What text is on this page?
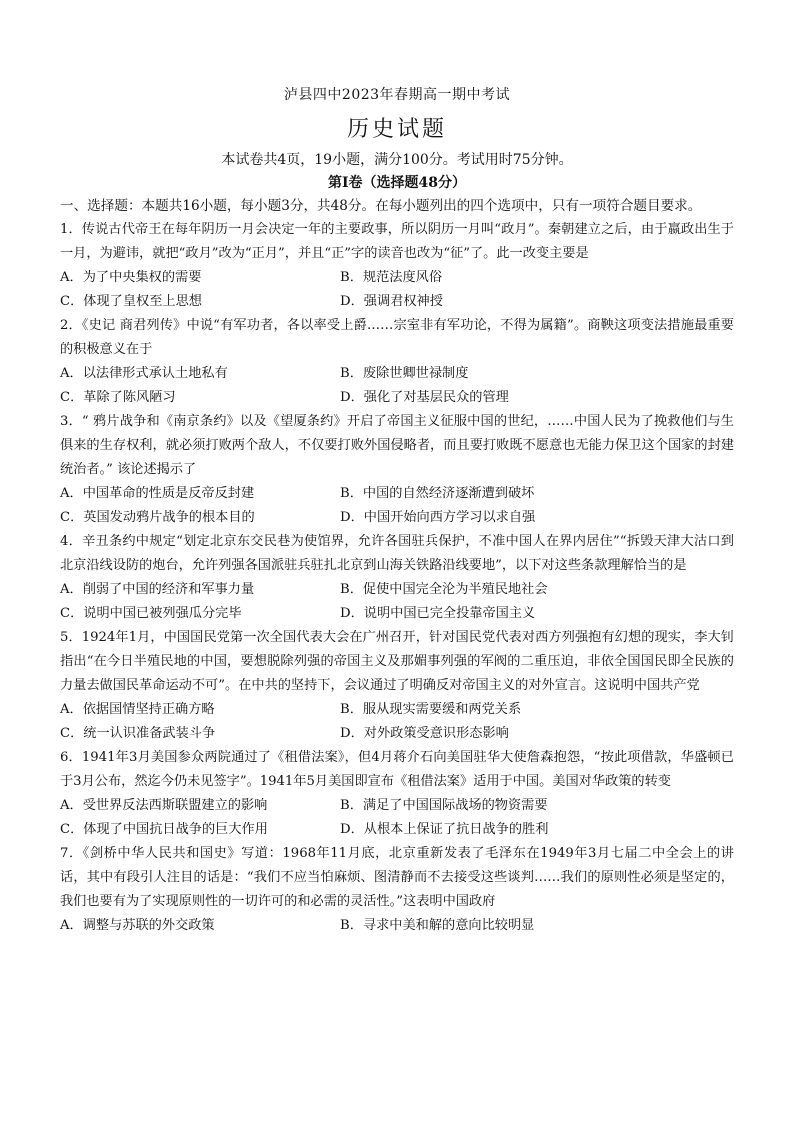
泸县四中2023年春期高一期中考试
历史试题
本试卷共4页，19小题，满分100分。考试用时75分钟。
第Ⅰ卷（选择题48分）

一、选择题：本题共16小题，每小题3分，共48分。在每小题列出的四个选项中，只有一项符合题目要求。

1．传说古代帝王在每年阴历一月会决定一年的主要政事，所以阴历一月叫“政月”。秦朝建立之后，由于嬴政出生于一月，为避讳，就把“政月”改为“正月”，并且“正”字的读音也改为“征”了。此一改变主要是

A．为了中央集权的需要	B．规范法度风俗
C．体现了皇权至上思想	D．强调君权神授

2．《史记 商君列传》中说“有军功者，各以率受上爵……宗室非有军功论，不得为属籍”。商鞅这项变法措施最重要的积极意义在于

A．以法律形式承认土地私有	B．废除世卿世禄制度
C．革除了陈风陋习	D．强化了对基层民众的管理

3．“ 鸦片战争和《南京条约》以及《望厦条约》开启了帝国主义征服中国的世纪，……中国人民为了挽救他们与生俱来的生存权利，就必须打败两个敌人，不仅要打败外国侵略者，而且要打败既不愿意也无能力保卫这个国家的封建统治者。” 该论述揭示了

A．中国革命的性质是反帝反封建	B．中国的自然经济逐渐遭到破坏
C．英国发动鸦片战争的根本目的	D．中国开始向西方学习以求自强

4．辛丑条约中规定“划定北京东交民巷为使馆界，允许各国驻兵保护，不准中国人在界内居住”“拆毁天津大沽口到北京沿线设防的炮台，允许列强各国派驻兵驻扎北京到山海关铁路沿线要地”，以下对这些条款理解恰当的是

A．削弱了中国的经济和军事力量	B．促使中国完全沦为半殖民地社会
C．说明中国已被列强瓜分完毕	D．说明中国已完全投靠帝国主义

5．1924年1月，中国国民党第一次全国代表大会在广州召开，针对国民党代表对西方列强抱有幻想的现实，李大钊指出“在今日半殖民地的中国，要想脱除列强的帝国主义及那媚事列强的军阀的二重压迫，非依全国国民即全民族的力量去做国民革命运动不可”。在中共的坚持下，会议通过了明确反对帝国主义的对外宣言。这说明中国共产党

A．依据国情坚持正确方略	B．服从现实需要缓和两党关系
C．统一认识准备武装斗争	D．对外政策受意识形态影响

6．1941年3月美国参众两院通过了《租借法案》，但4月蒋介石向美国驻华大使詹森抱怨，“按此项借款，华盛顿已于3月公布，然迄今仍未见签字”。1941年5月美国即宣布《租借法案》适用于中国。美国对华政策的转变

A．受世界反法西斯联盟建立的影响	B．满足了中国国际战场的物资需要
C．体现了中国抗日战争的巨大作用	D．从根本上保证了抗日战争的胜利

7．《剑桥中华人民共和国史》写道：1968年11月底，北京重新发表了毛泽东在1949年3月七届二中全会上的讲话，其中有段引人注目的话是：“我们不应当怕麻烦、图清静而不去接受这些谈判……我们的原则性必须是坚定的，我们也要有为了实现原则性的一切许可的和必需的灵活性。”这表明中国政府

A．调整与苏联的外交政策	B．寻求中美和解的意向比较明显
